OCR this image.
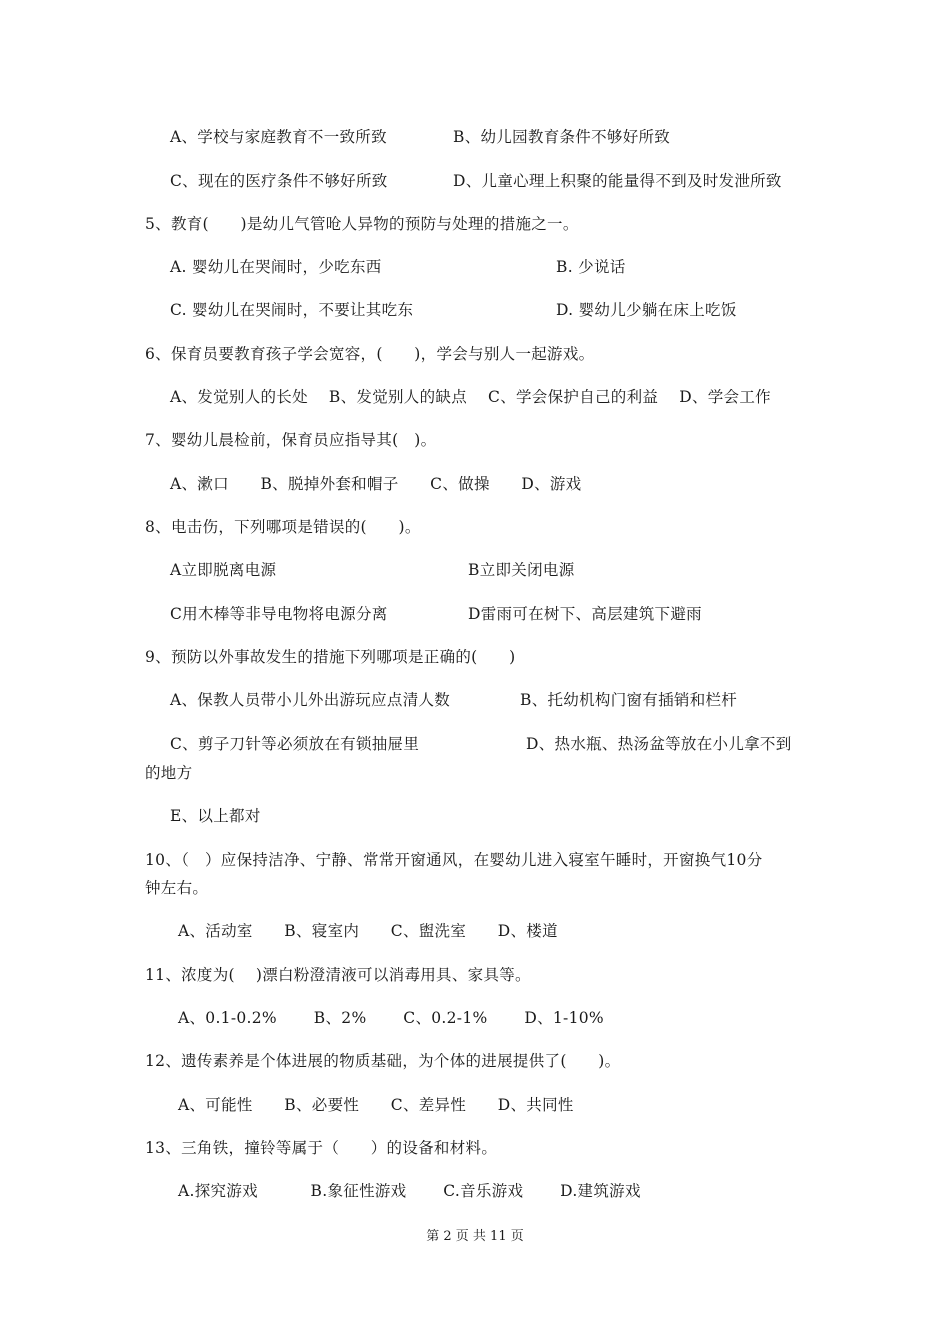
A、学校与家庭教育不一致所致	B、幼儿园教育条件不够好所致
C、现在的医疗条件不够好所致	D、儿童心理上积聚的能量得不到及时发泄所致
5、教育(　　)是幼儿气管呛人异物的预防与处理的措施之一。
A. 婴幼儿在哭闹时，少吃东西	B. 少说话
C. 婴幼儿在哭闹时，不要让其吃东	D. 婴幼儿少躺在床上吃饭
6、保育员要教育孩子学会宽容，(　　)，学会与别人一起游戏。
A、发觉别人的长处　 B、发觉别人的缺点　 C、学会保护自己的利益　 D、学会工作
7、婴幼儿晨检前，保育员应指导其(　)。
A、漱口　　B、脱掉外套和帽子　　C、做操　　D、游戏
8、电击伤，下列哪项是错误的(　　)。
A立即脱离电源	B立即关闭电源
C用木棒等非导电物将电源分离	D雷雨可在树下、高层建筑下避雨
9、预防以外事故发生的措施下列哪项是正确的(　　)
A、保教人员带小儿外出游玩应点清人数	B、托幼机构门窗有插销和栏杆
C、剪子刀针等必须放在有锁抽屉里	D、热水瓶、热汤盆等放在小儿拿不到
的地方
E、以上都对
10、（　）应保持洁净、宁静、常常开窗通风，在婴幼儿进入寝室午睡时，开窗换气10分
钟左右。
A、活动室　　B、寝室内　　C、盥洗室　　D、楼道
11、浓度为(　 )漂白粉澄清液可以消毒用具、家具等。
A、0.1-0.2%　　 B、2%　　 C、0.2-1%　　 D、1-10%
12、遗传素养是个体进展的物质基础，为个体的进展提供了(　　)。
A、可能性　　B、必要性　　C、差异性　　D、共同性
13、三角铁，撞铃等属于（　　）的设备和材料。
A.探究游戏　　　 B.象征性游戏　　 C.音乐游戏　　 D.建筑游戏
第 2 页 共 11 页
